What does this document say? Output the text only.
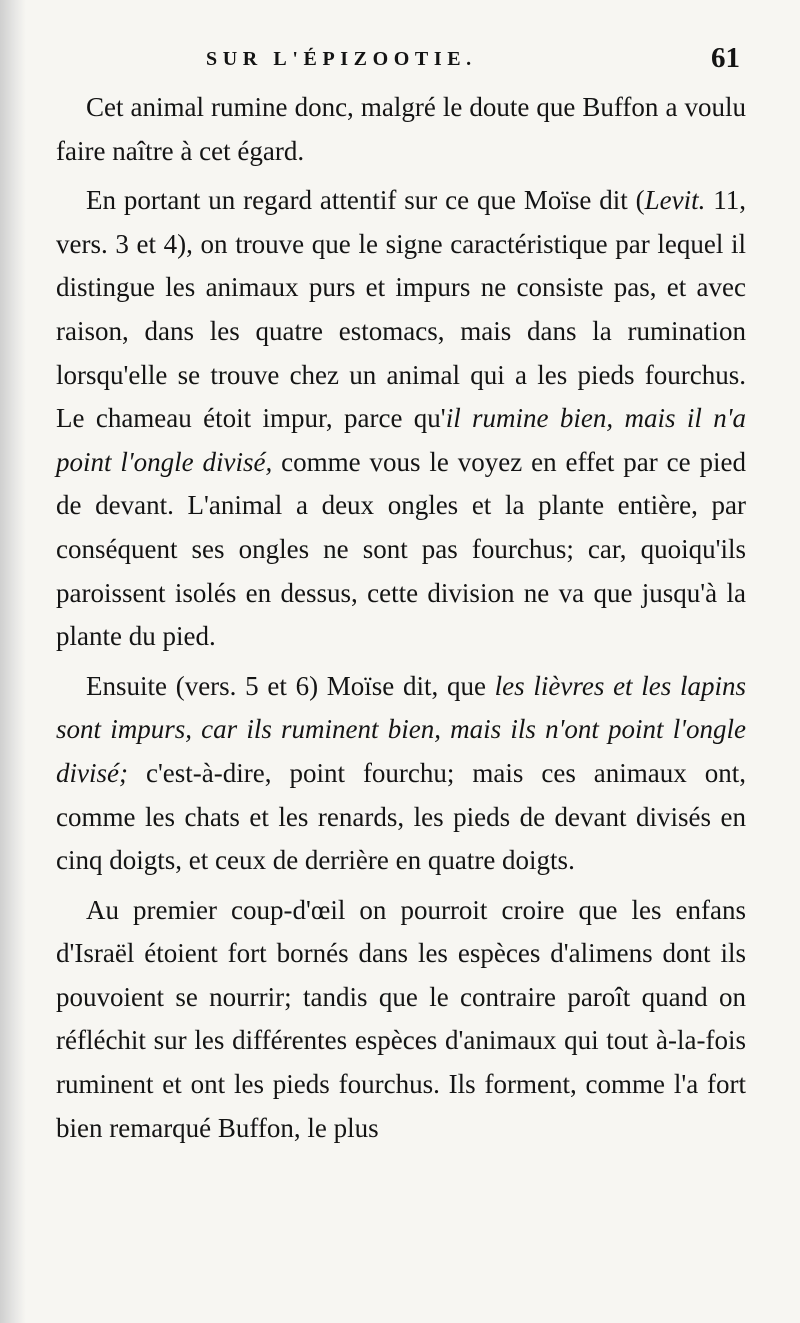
SUR L'ÉPIZOOTIE.	61

Cet animal rumine donc, malgré le doute que Buffon a voulu faire naître à cet égard.

En portant un regard attentif sur ce que Moïse dit (Levit. 11, vers. 3 et 4), on trouve que le signe caractéristique par lequel il distingue les animaux purs et impurs ne consiste pas, et avec raison, dans les quatre estomacs, mais dans la rumination lorsqu'elle se trouve chez un animal qui a les pieds fourchus. Le chameau étoit impur, parce qu'il rumine bien, mais il n'a point l'ongle divisé, comme vous le voyez en effet par ce pied de devant. L'animal a deux ongles et la plante entière, par conséquent ses ongles ne sont pas fourchus; car, quoiqu'ils paroissent isolés en dessus, cette division ne va que jusqu'à la plante du pied.

Ensuite (vers. 5 et 6) Moïse dit, que les lièvres et les lapins sont impurs, car ils ruminent bien, mais ils n'ont point l'ongle divisé; c'est-à-dire, point fourchu; mais ces animaux ont, comme les chats et les renards, les pieds de devant divisés en cinq doigts, et ceux de derrière en quatre doigts.

Au premier coup-d'œil on pourroit croire que les enfans d'Israël étoient fort bornés dans les espèces d'alimens dont ils pouvoient se nourrir; tandis que le contraire paroît quand on réfléchit sur les différentes espèces d'animaux qui tout à-la-fois ruminent et ont les pieds fourchus. Ils forment, comme l'a fort bien remarqué Buffon, le plus
